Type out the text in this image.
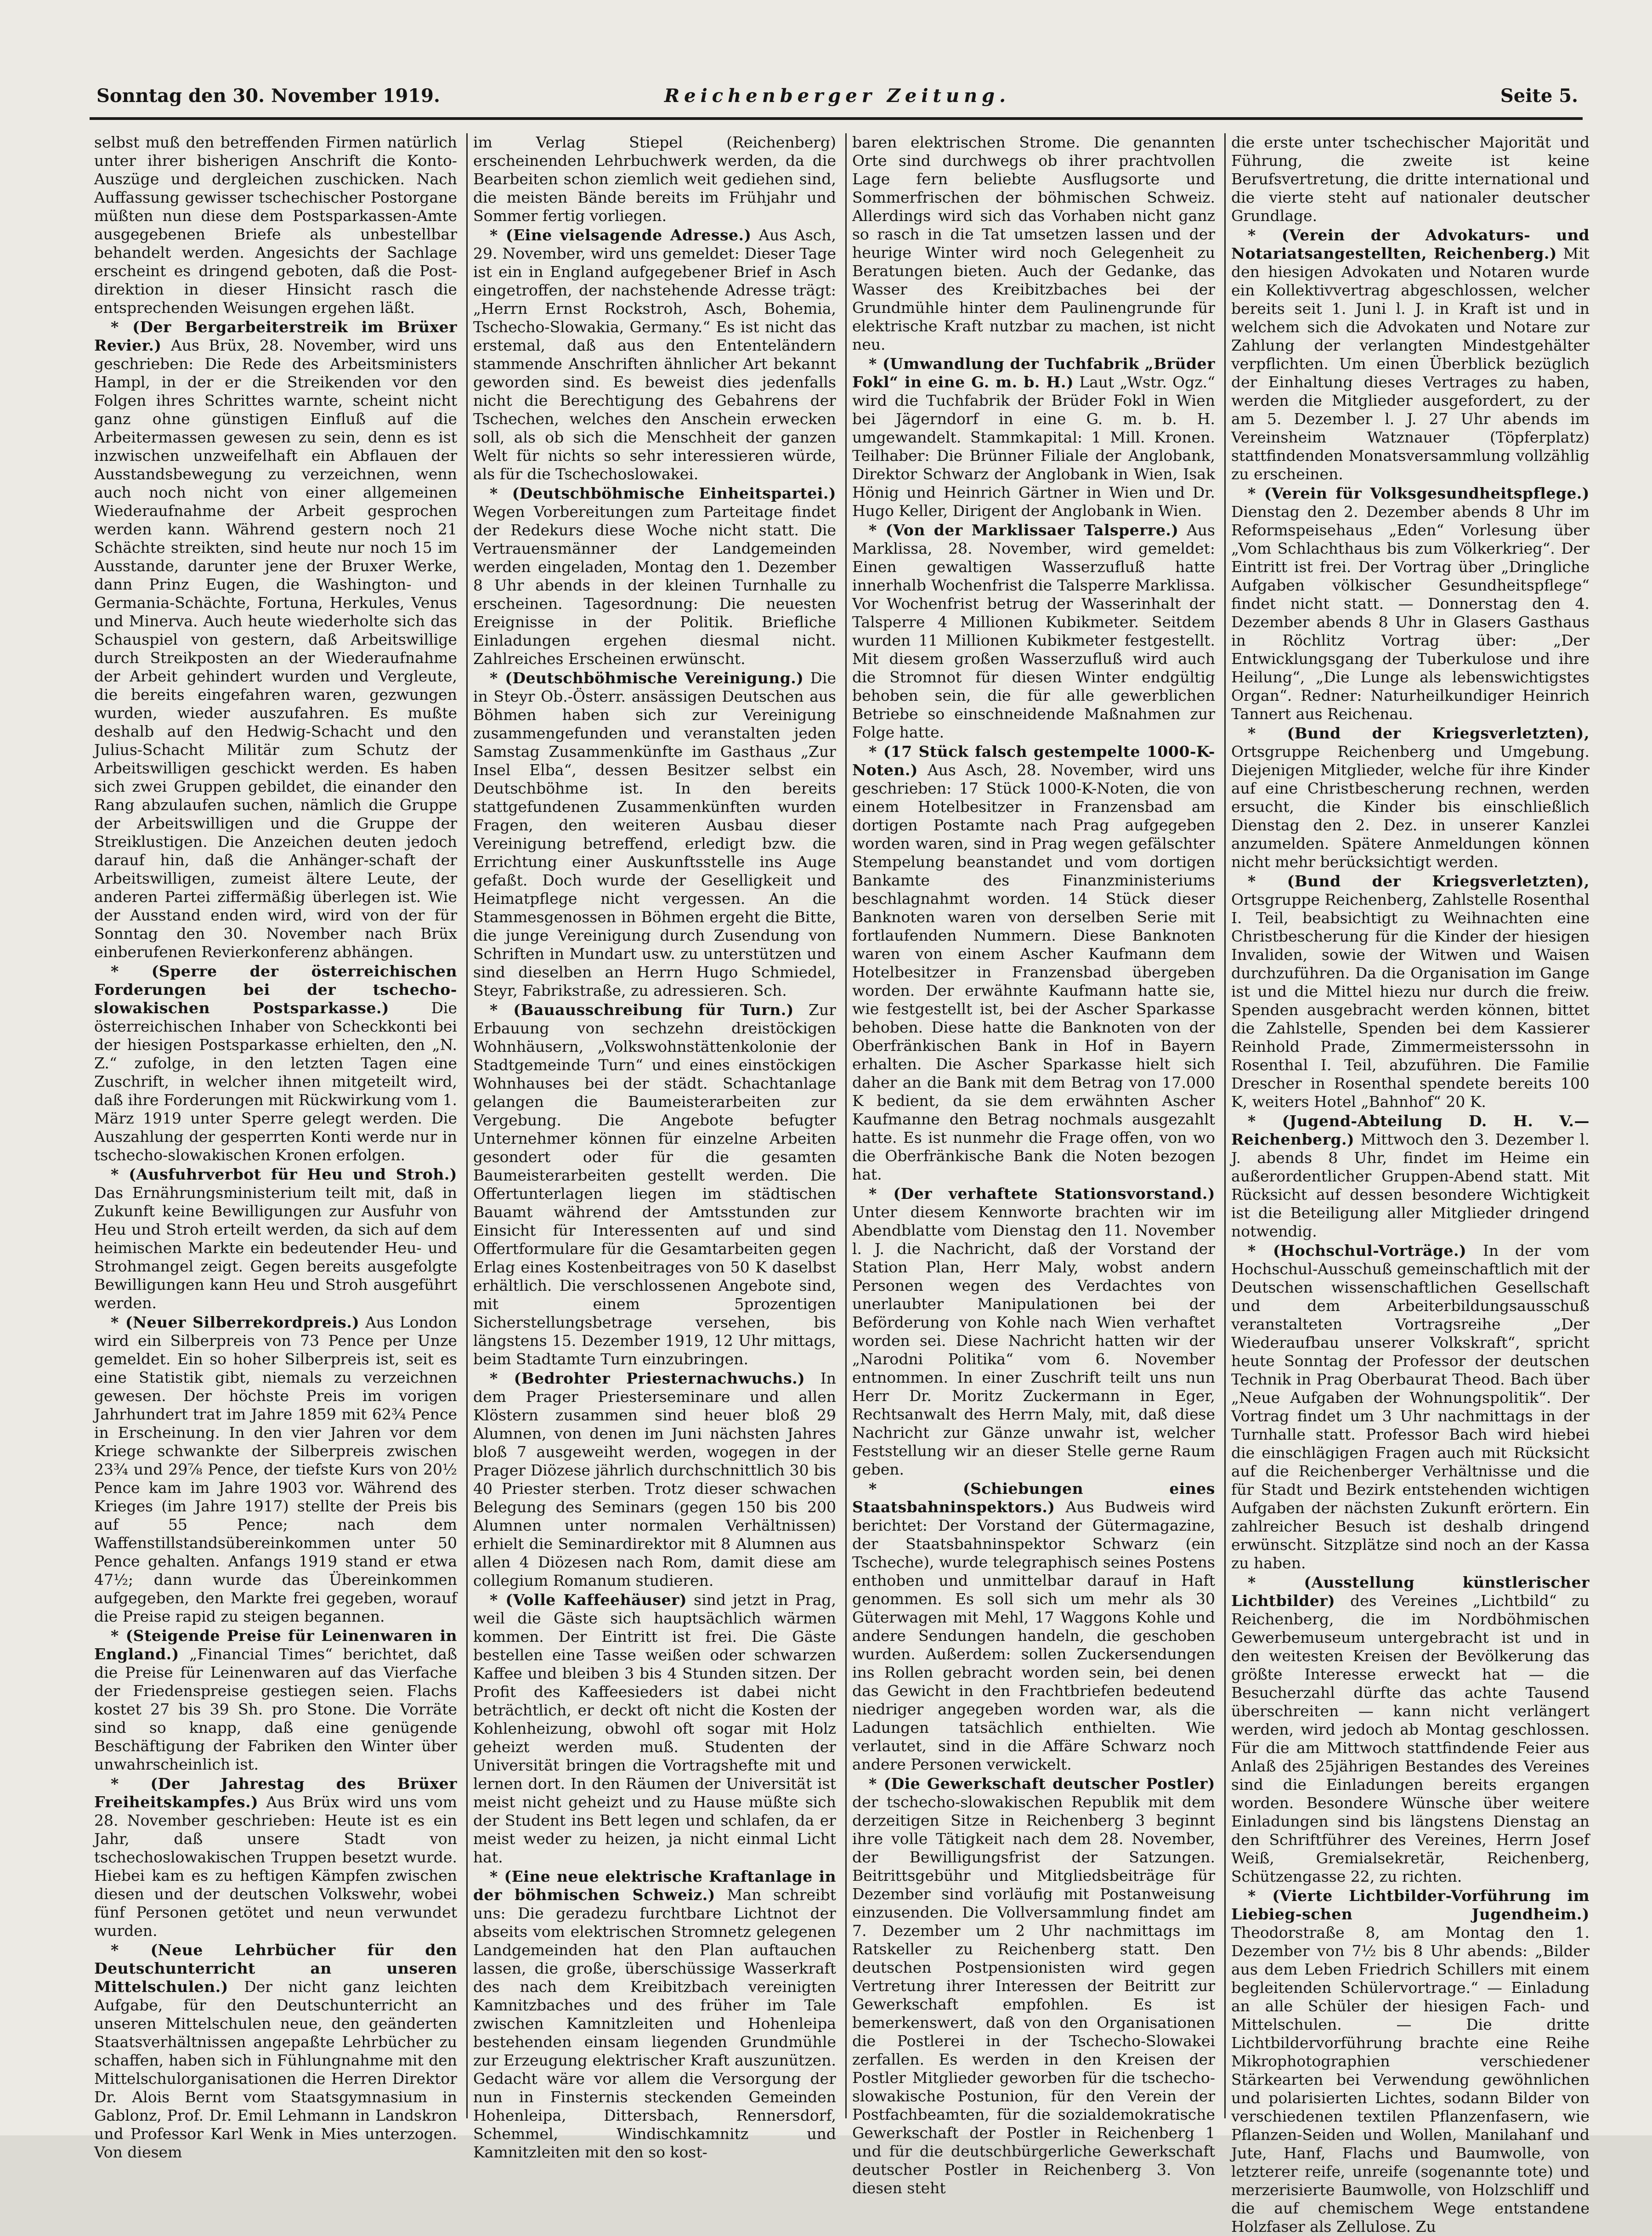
Sonntag den 30. November 1919.	Reichenberger Zeitung.	Seite 5.
selbst muß den betreffenden Firmen natürlich unter ihrer bisherigen Anschrift die Konto-Auszüge und dergleichen zuschicken. Nach Auffassung gewisser tschechischer Postorgane müßten nun diese dem Postsparkassen-Amte ausgegebenen Briefe als unbestellbar behandelt werden. Angesichts der Sachlage erscheint es dringend geboten, daß die Post-direktion in dieser Hinsicht rasch die entsprechenden Weisungen ergehen läßt.
* (Der Bergarbeiterstreik im Brüxer Revier.) Aus Brüx, 28. November, wird uns geschrieben: Die Rede des Arbeitsministers Hampl, in der er die Streikenden vor den Folgen ihres Schrittes warnte, scheint nicht ganz ohne günstigen Einfluß auf die Arbeitermassen gewesen zu sein, denn es ist inzwischen unzweifelhaft ein Abflauen der Ausstandsbewegung zu verzeichnen, wenn auch noch nicht von einer allgemeinen Wiederaufnahme der Arbeit gesprochen werden kann. Während gestern noch 21 Schächte streikten, sind heute nur noch 15 im Ausstande, darunter jene der Bruxer Werke, dann Prinz Eugen, die Washington- und Germania-Schächte, Fortuna, Herkules, Venus und Minerva. Auch heute wiederholte sich das Schauspiel von gestern, daß Arbeitswillige durch Streikposten an der Wiederaufnahme der Arbeit gehindert wurden und Vergleute, die bereits eingefahren waren, gezwungen wurden, wieder auszufahren. Es mußte deshalb auf den Hedwig-Schacht und den Julius-Schacht Militär zum Schutz der Arbeitswilligen geschickt werden. Es haben sich zwei Gruppen gebildet, die einander den Rang abzulaufen suchen, nämlich die Gruppe der Arbeitswilligen und die Gruppe der Streiklustigen. Die Anzeichen deuten jedoch darauf hin, daß die Anhänger-schaft der Arbeitswilligen, zumeist ältere Leute, der anderen Partei ziffermäßig überlegen ist. Wie der Ausstand enden wird, wird von der für Sonntag den 30. November nach Brüx einberufenen Revierkonferenz abhängen.
* (Sperre der österreichischen Forderungen bei der tschecho-slowakischen Postsparkasse.)	Die österreichischen Inhaber von Scheckkonti bei der hiesigen Postsparkasse erhielten, den „N. Z.“ zufolge, in den letzten Tagen eine Zuschrift, in welcher ihnen mitgeteilt wird, daß ihre Forderungen mit Rückwirkung vom 1. März 1919 unter Sperre gelegt werden. Die Auszahlung der gesperrten Konti werde nur in tschecho-slowakischen Kronen erfolgen.
* (Ausfuhrverbot für Heu und Stroh.) Das Ernährungsministerium teilt mit, daß in Zukunft keine Bewilligungen zur Ausfuhr von Heu und Stroh erteilt werden, da sich auf dem heimischen Markte ein bedeutender Heu- und Strohmangel zeigt. Gegen bereits ausgefolgte Bewilligungen kann Heu und Stroh ausgeführt werden.
* (Neuer Silberrekordpreis.) Aus London wird ein Silberpreis von 73 Pence per Unze gemeldet. Ein so hoher Silberpreis ist, seit es eine Statistik gibt, niemals zu verzeichnen gewesen. Der höchste Preis im vorigen Jahrhundert trat im Jahre 1859 mit 62¾ Pence in Erscheinung. In den vier Jahren vor dem Kriege schwankte der Silberpreis zwischen 23¾ und 29⅞ Pence, der tiefste Kurs von 20½ Pence kam im Jahre 1903 vor. Während des Krieges (im Jahre 1917) stellte der Preis bis auf 55 Pence; nach dem Waffenstillstandsübereinkommen unter 50 Pence gehalten. Anfangs 1919 stand er etwa 47½; dann wurde das Übereinkommen aufgegeben, den Markte frei gegeben, worauf die Preise rapid zu steigen begannen.
* (Steigende Preise für Leinenwaren in England.) „Financial Times“ berichtet, daß die Preise für Leinenwaren auf das Vierfache der Friedenspreise gestiegen seien. Flachs kostet 27 bis 39 Sh. pro Stone. Die Vorräte sind so knapp, daß eine genügende Beschäftigung der Fabriken den Winter über unwahrscheinlich ist.
* (Der Jahrestag des Brüxer Freiheitskampfes.) Aus Brüx wird uns vom 28. November geschrieben: Heute ist es ein Jahr, daß unsere Stadt von tschechoslowakischen Truppen besetzt wurde. Hiebei kam es zu heftigen Kämpfen zwischen diesen und der deutschen Volkswehr, wobei fünf Personen getötet und neun verwundet wurden.
* (Neue Lehrbücher für den Deutschunterricht an unseren Mittelschulen.) Der nicht ganz leichten Aufgabe, für den Deutschunterricht an unseren Mittelschulen neue, den geänderten Staatsverhältnissen angepaßte Lehrbücher zu schaffen, haben sich in Fühlungnahme mit den Mittelschulorganisationen die Herren Direktor Dr. Alois Bernt vom Staatsgymnasium in Gablonz, Prof. Dr. Emil Lehmann in Landskron und Professor Karl Wenk in Mies unterzogen. Von diesem
im Verlag Stiepel (Reichenberg) erscheinenden Lehrbuchwerk werden, da die Bearbeiten schon ziemlich weit gediehen sind, die meisten Bände bereits im Frühjahr und Sommer fertig vorliegen.
* (Eine vielsagende Adresse.) Aus Asch, 29. November, wird uns gemeldet: Dieser Tage ist ein in England aufgegebener Brief in Asch eingetroffen, der nachstehende Adresse trägt: „Herrn Ernst Rockstroh, Asch, Bohemia, Tschecho-Slowakia, Germany.“ Es ist nicht das erstemal, daß aus den Ententeländern stammende Anschriften ähnlicher Art bekannt geworden sind. Es beweist dies jedenfalls nicht die Berechtigung des Gebahrens der Tschechen, welches den Anschein erwecken soll, als ob sich die Menschheit der ganzen Welt für nichts so sehr interessieren würde, als für die Tschechoslowakei.
* (Deutschböhmische Einheitspartei.) Wegen Vorbereitungen zum Parteitage findet der Redekurs diese Woche nicht statt. Die Vertrauensmänner der Landgemeinden werden eingeladen, Montag den 1. Dezember 8 Uhr abends in der kleinen Turnhalle zu erscheinen. Tagesordnung: Die neuesten Ereignisse in der Politik. Briefliche Einladungen ergehen diesmal nicht. Zahlreiches Erscheinen erwünscht.
* (Deutschböhmische Vereinigung.) Die in Steyr Ob.-Österr. ansässigen Deutschen aus Böhmen haben sich zur Vereinigung zusammengefunden und veranstalten jeden Samstag Zusammenkünfte im Gasthaus „Zur Insel Elba“, dessen Besitzer selbst ein Deutschböhme ist. In den bereits stattgefundenen Zusammenkünften wurden Fragen, den weiteren Ausbau dieser Vereinigung betreffend, erledigt bzw. die Errichtung einer Auskunftsstelle ins Auge gefaßt. Doch wurde der Geselligkeit und Heimatpflege nicht vergessen. An die Stammesgenossen in Böhmen ergeht die Bitte, die junge Vereinigung durch Zusendung von Schriften in Mundart usw. zu unterstützen und sind dieselben an Herrn Hugo Schmiedel, Steyr, Fabrikstraße, zu adressieren. Sch.
* (Bauausschreibung für Turn.) Zur Erbauung von sechzehn dreistöckigen Wohnhäusern, „Volkswohnstättenkolonie der Stadtgemeinde Turn“ und eines einstöckigen Wohnhauses bei der städt. Schachtanlage gelangen die Baumeisterarbeiten zur Vergebung. Die Angebote befugter Unternehmer können für einzelne Arbeiten gesondert oder für die gesamten Baumeisterarbeiten gestellt werden. Die Offertunterlagen liegen im städtischen Bauamt während der Amtsstunden zur Einsicht für Interessenten auf und sind Offertformulare für die Gesamtarbeiten gegen Erlag eines Kostenbeitrages von 50 K daselbst erhältlich. Die verschlossenen Angebote sind, mit einem 5prozentigen Sicherstellungsbetrage versehen, bis längstens 15. Dezember 1919, 12 Uhr mittags, beim Stadtamte Turn einzubringen.
* (Bedrohter Priesternachwuchs.) In dem Prager Priesterseminare und allen Klöstern zusammen sind heuer bloß 29 Alumnen, von denen im Juni nächsten Jahres bloß 7 ausgeweiht werden, wogegen in der Prager Diözese jährlich durchschnittlich 30 bis 40 Priester sterben. Trotz dieser schwachen Belegung des Seminars (gegen 150 bis 200 Alumnen unter normalen Verhältnissen) erhielt die Seminardirektor mit 8 Alumnen aus allen 4 Diözesen nach Rom, damit diese am collegium Romanum studieren.
* (Volle Kaffeehäuser) sind jetzt in Prag, weil die Gäste sich hauptsächlich wärmen kommen. Der Eintritt ist frei. Die Gäste bestellen eine Tasse weißen oder schwarzen Kaffee und bleiben 3 bis 4 Stunden sitzen. Der Profit des Kaffeesieders ist dabei nicht beträchtlich, er deckt oft nicht die Kosten der Kohlenheizung, obwohl oft sogar mit Holz geheizt werden muß. Studenten der Universität bringen die Vortragshefte mit und lernen dort. In den Räumen der Universität ist meist nicht geheizt und zu Hause müßte sich der Student ins Bett legen und schlafen, da er meist weder zu heizen, ja nicht einmal Licht hat.
* (Eine neue elektrische Kraftanlage in der böhmischen Schweiz.) Man schreibt uns: Die geradezu furchtbare Lichtnot der abseits vom elektrischen Stromnetz gelegenen Landgemeinden hat den Plan auftauchen lassen, die große, überschüssige Wasserkraft des nach dem Kreibitzbach vereinigten Kamnitzbaches und des früher im Tale zwischen Kamnitzleiten und Hohenleipa bestehenden einsam liegenden Grundmühle zur Erzeugung elektrischer Kraft auszunützen. Gedacht wäre vor allem die Versorgung der nun in Finsternis steckenden Gemeinden Hohenleipa, Dittersbach, Rennersdorf, Schemmel, Windischkamnitz und Kamnitzleiten mit den so kost-
baren elektrischen Strome. Die genannten Orte sind durchwegs ob ihrer prachtvollen Lage fern beliebte Ausflugsorte und Sommerfrischen der böhmischen Schweiz. Allerdings wird sich das Vorhaben nicht ganz so rasch in die Tat umsetzen lassen und der heurige Winter wird noch Gelegenheit zu Beratungen bieten. Auch der Gedanke, das Wasser des Kreibitzbaches bei der Grundmühle hinter dem Paulinengrunde für elektrische Kraft nutzbar zu machen, ist nicht neu.
* (Umwandlung der Tuchfabrik „Brüder Fokl“ in eine G. m. b. H.) Laut „Wstr. Ogz.“ wird die Tuchfabrik der Brüder Fokl in Wien bei Jägerndorf in eine G. m. b. H. umgewandelt. Stammkapital: 1 Mill. Kronen. Teilhaber: Die Brünner Filiale der Anglobank, Direktor Schwarz der Anglobank in Wien, Isak Hönig und Heinrich Gärtner in Wien und Dr. Hugo Keller, Dirigent der Anglobank in Wien.
* (Von der Marklissaer Talsperre.) Aus Marklissa, 28. November, wird gemeldet: Einen gewaltigen Wasserzufluß hatte innerhalb Wochenfrist die Talsperre Marklissa. Vor Wochenfrist betrug der Wasserinhalt der Talsperre 4 Millionen Kubikmeter. Seitdem wurden 11 Millionen Kubikmeter festgestellt. Mit diesem großen Wasserzufluß wird auch die Stromnot für diesen Winter endgültig behoben sein, die für alle gewerblichen Betriebe so einschneidende Maßnahmen zur Folge hatte.
* (17 Stück falsch gestempelte 1000-K-Noten.) Aus Asch, 28. November, wird uns geschrieben: 17 Stück 1000-K-Noten, die von einem Hotelbesitzer in Franzensbad am dortigen Postamte nach Prag aufgegeben worden waren, sind in Prag wegen gefälschter Stempelung beanstandet und vom dortigen Bankamte des Finanzministeriums beschlagnahmt worden. 14 Stück dieser Banknoten waren von derselben Serie mit fortlaufenden Nummern. Diese Banknoten waren von einem Ascher Kaufmann dem Hotelbesitzer in Franzensbad übergeben worden. Der erwähnte Kaufmann hatte sie, wie festgestellt ist, bei der Ascher Sparkasse behoben. Diese hatte die Banknoten von der Oberfränkischen Bank in Hof in Bayern erhalten. Die Ascher Sparkasse hielt sich daher an die Bank mit dem Betrag von 17.000 K bedient, da sie dem erwähnten Ascher Kaufmanne den Betrag nochmals ausgezahlt hatte. Es ist nunmehr die Frage offen, von wo die Oberfränkische Bank die Noten bezogen hat.
* (Der verhaftete Stationsvorstand.) Unter diesem Kennworte brachten wir im Abendblatte vom Dienstag den 11. November l. J. die Nachricht, daß der Vorstand der Station Plan, Herr Maly, wobst andern Personen wegen des Verdachtes von unerlaubter Manipulationen bei der Beförderung von Kohle nach Wien verhaftet worden sei. Diese Nachricht hatten wir der „Narodni Politika“ vom 6. November entnommen. In einer Zuschrift teilt uns nun Herr Dr. Moritz Zuckermann in Eger, Rechtsanwalt des Herrn Maly, mit, daß diese Nachricht zur Gänze unwahr ist, welcher Feststellung wir an dieser Stelle gerne Raum geben.
* (Schiebungen eines Staatsbahninspektors.) Aus Budweis wird berichtet: Der Vorstand der Gütermagazine, der Staatsbahninspektor Schwarz (ein Tscheche), wurde telegraphisch seines Postens enthoben und unmittelbar darauf in Haft genommen. Es soll sich um mehr als 30 Güterwagen mit Mehl, 17 Waggons Kohle und andere Sendungen handeln, die geschoben wurden. Außerdem: sollen Zuckersendungen ins Rollen gebracht worden sein, bei denen das Gewicht in den Frachtbriefen bedeutend niedriger angegeben worden war, als die Ladungen tatsächlich enthielten. Wie verlautet, sind in die Affäre Schwarz noch andere Personen verwickelt.
* (Die Gewerkschaft deutscher Postler) der tschecho-slowakischen Republik mit dem derzeitigen Sitze in Reichenberg 3 beginnt ihre volle Tätigkeit nach dem 28. November, der Bewilligungsfrist der Satzungen. Beitrittsgebühr und Mitgliedsbeiträge für Dezember sind vorläufig mit Postanweisung einzusenden. Die Vollversammlung findet am 7. Dezember um 2 Uhr nachmittags im Ratskeller zu Reichenberg statt. Den deutschen Postpensionisten wird gegen Vertretung ihrer Interessen der Beitritt zur Gewerkschaft empfohlen. Es ist bemerkenswert, daß von den Organisationen die Postlerei in der Tschecho-Slowakei zerfallen. Es werden in den Kreisen der Postler Mitglieder geworben für die tschecho-slowakische Postunion, für den Verein der Postfachbeamten, für die sozialdemokratische Gewerkschaft der Postler in Reichenberg 1 und für die deutschbürgerliche Gewerkschaft deutscher Postler in Reichenberg 3. Von diesen steht
die erste unter tschechischer Majorität und Führung, die zweite ist keine Berufsvertretung, die dritte international und die vierte steht auf nationaler deutscher Grundlage.
* (Verein der Advokaturs- und Notariatsangestellten, Reichenberg.) Mit den hiesigen Advokaten und Notaren wurde ein Kollektivvertrag abgeschlossen, welcher bereits seit 1. Juni l. J. in Kraft ist und in welchem sich die Advokaten und Notare zur Zahlung der verlangten Mindestgehälter verpflichten. Um einen Überblick bezüglich der Einhaltung dieses Vertrages zu haben, werden die Mitglieder ausgefordert, zu der am 5. Dezember l. J. 27 Uhr abends im Vereinsheim Watznauer (Töpferplatz) stattfindenden Monatsversammlung vollzählig zu erscheinen.
* (Verein für Volksgesundheitspflege.) Dienstag den 2. Dezember abends 8 Uhr im Reformspeisehaus „Eden“ Vorlesung über „Vom Schlachthaus bis zum Völkerkrieg“. Der Eintritt ist frei. Der Vortrag über „Dringliche Aufgaben völkischer Gesundheitspflege“ findet nicht statt. — Donnerstag den 4. Dezember abends 8 Uhr in Glasers Gasthaus in Röchlitz Vortrag über: „Der Entwicklungsgang der Tuberkulose und ihre Heilung“, „Die Lunge als lebenswichtigstes Organ“. Redner: Naturheilkundiger Heinrich Tannert aus Reichenau.
* (Bund der Kriegsverletzten), Ortsgruppe Reichenberg und Umgebung. Diejenigen Mitglieder, welche für ihre Kinder auf eine Christbescherung rechnen, werden ersucht, die Kinder bis einschließlich Dienstag den 2. Dez. in unserer Kanzlei anzumelden. Spätere Anmeldungen können nicht mehr berücksichtigt werden.
* (Bund der Kriegsverletzten), Ortsgruppe Reichenberg, Zahlstelle Rosenthal I. Teil, beabsichtigt zu Weihnachten eine Christbescherung für die Kinder der hiesigen Invaliden, sowie der Witwen und Waisen durchzuführen. Da die Organisation im Gange ist und die Mittel hiezu nur durch die freiw. Spenden ausgebracht werden können, bittet die Zahlstelle, Spenden bei dem Kassierer Reinhold Prade, Zimmermeisterssohn in Rosenthal I. Teil, abzuführen. Die Familie Drescher in Rosenthal spendete bereits 100 K, weiters Hotel „Bahnhof“ 20 K.
* (Jugend-Abteilung D. H. V.—Reichenberg.) Mittwoch den 3. Dezember l. J. abends 8 Uhr, findet im Heime ein außerordentlicher Gruppen-Abend statt. Mit Rücksicht auf dessen besondere Wichtigkeit ist die Beteiligung aller Mitglieder dringend notwendig.
* (Hochschul-Vorträge.) In der vom Hochschul-Ausschuß gemeinschaftlich mit der Deutschen wissenschaftlichen Gesellschaft und dem Arbeiterbildungsausschuß veranstalteten Vortragsreihe „Der Wiederaufbau unserer Volkskraft“, spricht heute Sonntag der Professor der deutschen Technik in Prag Oberbaurat Theod. Bach über „Neue Aufgaben der Wohnungspolitik“. Der Vortrag findet um 3 Uhr nachmittags in der Turnhalle statt. Professor Bach wird hiebei die einschlägigen Fragen auch mit Rücksicht auf die Reichenberger Verhältnisse und die für Stadt und Bezirk entstehenden wichtigen Aufgaben der nächsten Zukunft erörtern. Ein zahlreicher Besuch ist deshalb dringend erwünscht. Sitzplätze sind noch an der Kassa zu haben.
* (Ausstellung künstlerischer Lichtbilder) des Vereines „Lichtbild“ zu Reichenberg, die im Nordböhmischen Gewerbemuseum untergebracht ist und in den weitesten Kreisen der Bevölkerung das größte Interesse erweckt hat — die Besucherzahl dürfte das achte Tausend überschreiten — kann nicht verlängert werden, wird jedoch ab Montag geschlossen. Für die am Mittwoch stattfindende Feier aus Anlaß des 25jährigen Bestandes des Vereines sind die Einladungen bereits ergangen worden. Besondere Wünsche über weitere Einladungen sind bis längstens Dienstag an den Schriftführer des Vereines, Herrn Josef Weiß, Gremialsekretär, Reichenberg, Schützengasse 22, zu richten.
* (Vierte Lichtbilder-Vorführung im Liebieg-schen Jugendheim.) Theodorstraße 8, am Montag den 1. Dezember von 7½ bis 8 Uhr abends: „Bilder aus dem Leben Friedrich Schillers mit einem begleitenden Schülervortrage.“ — Einladung an alle Schüler der hiesigen Fach- und Mittelschulen. — Die dritte Lichtbildervorführung brachte eine Reihe Mikrophotographien verschiedener Stärkearten bei Verwendung gewöhnlichen und polarisierten Lichtes, sodann Bilder von verschiedenen textilen Pflanzenfasern, wie Pflanzen-Seiden und Wollen, Manilahanf und Jute, Hanf, Flachs und Baumwolle, von letzterer reife, unreife (sogenannte tote) und merzerisierte Baumwolle, von Holzschliff und die auf chemischem Wege entstandene Holzfaser als Zellulose. Zu
